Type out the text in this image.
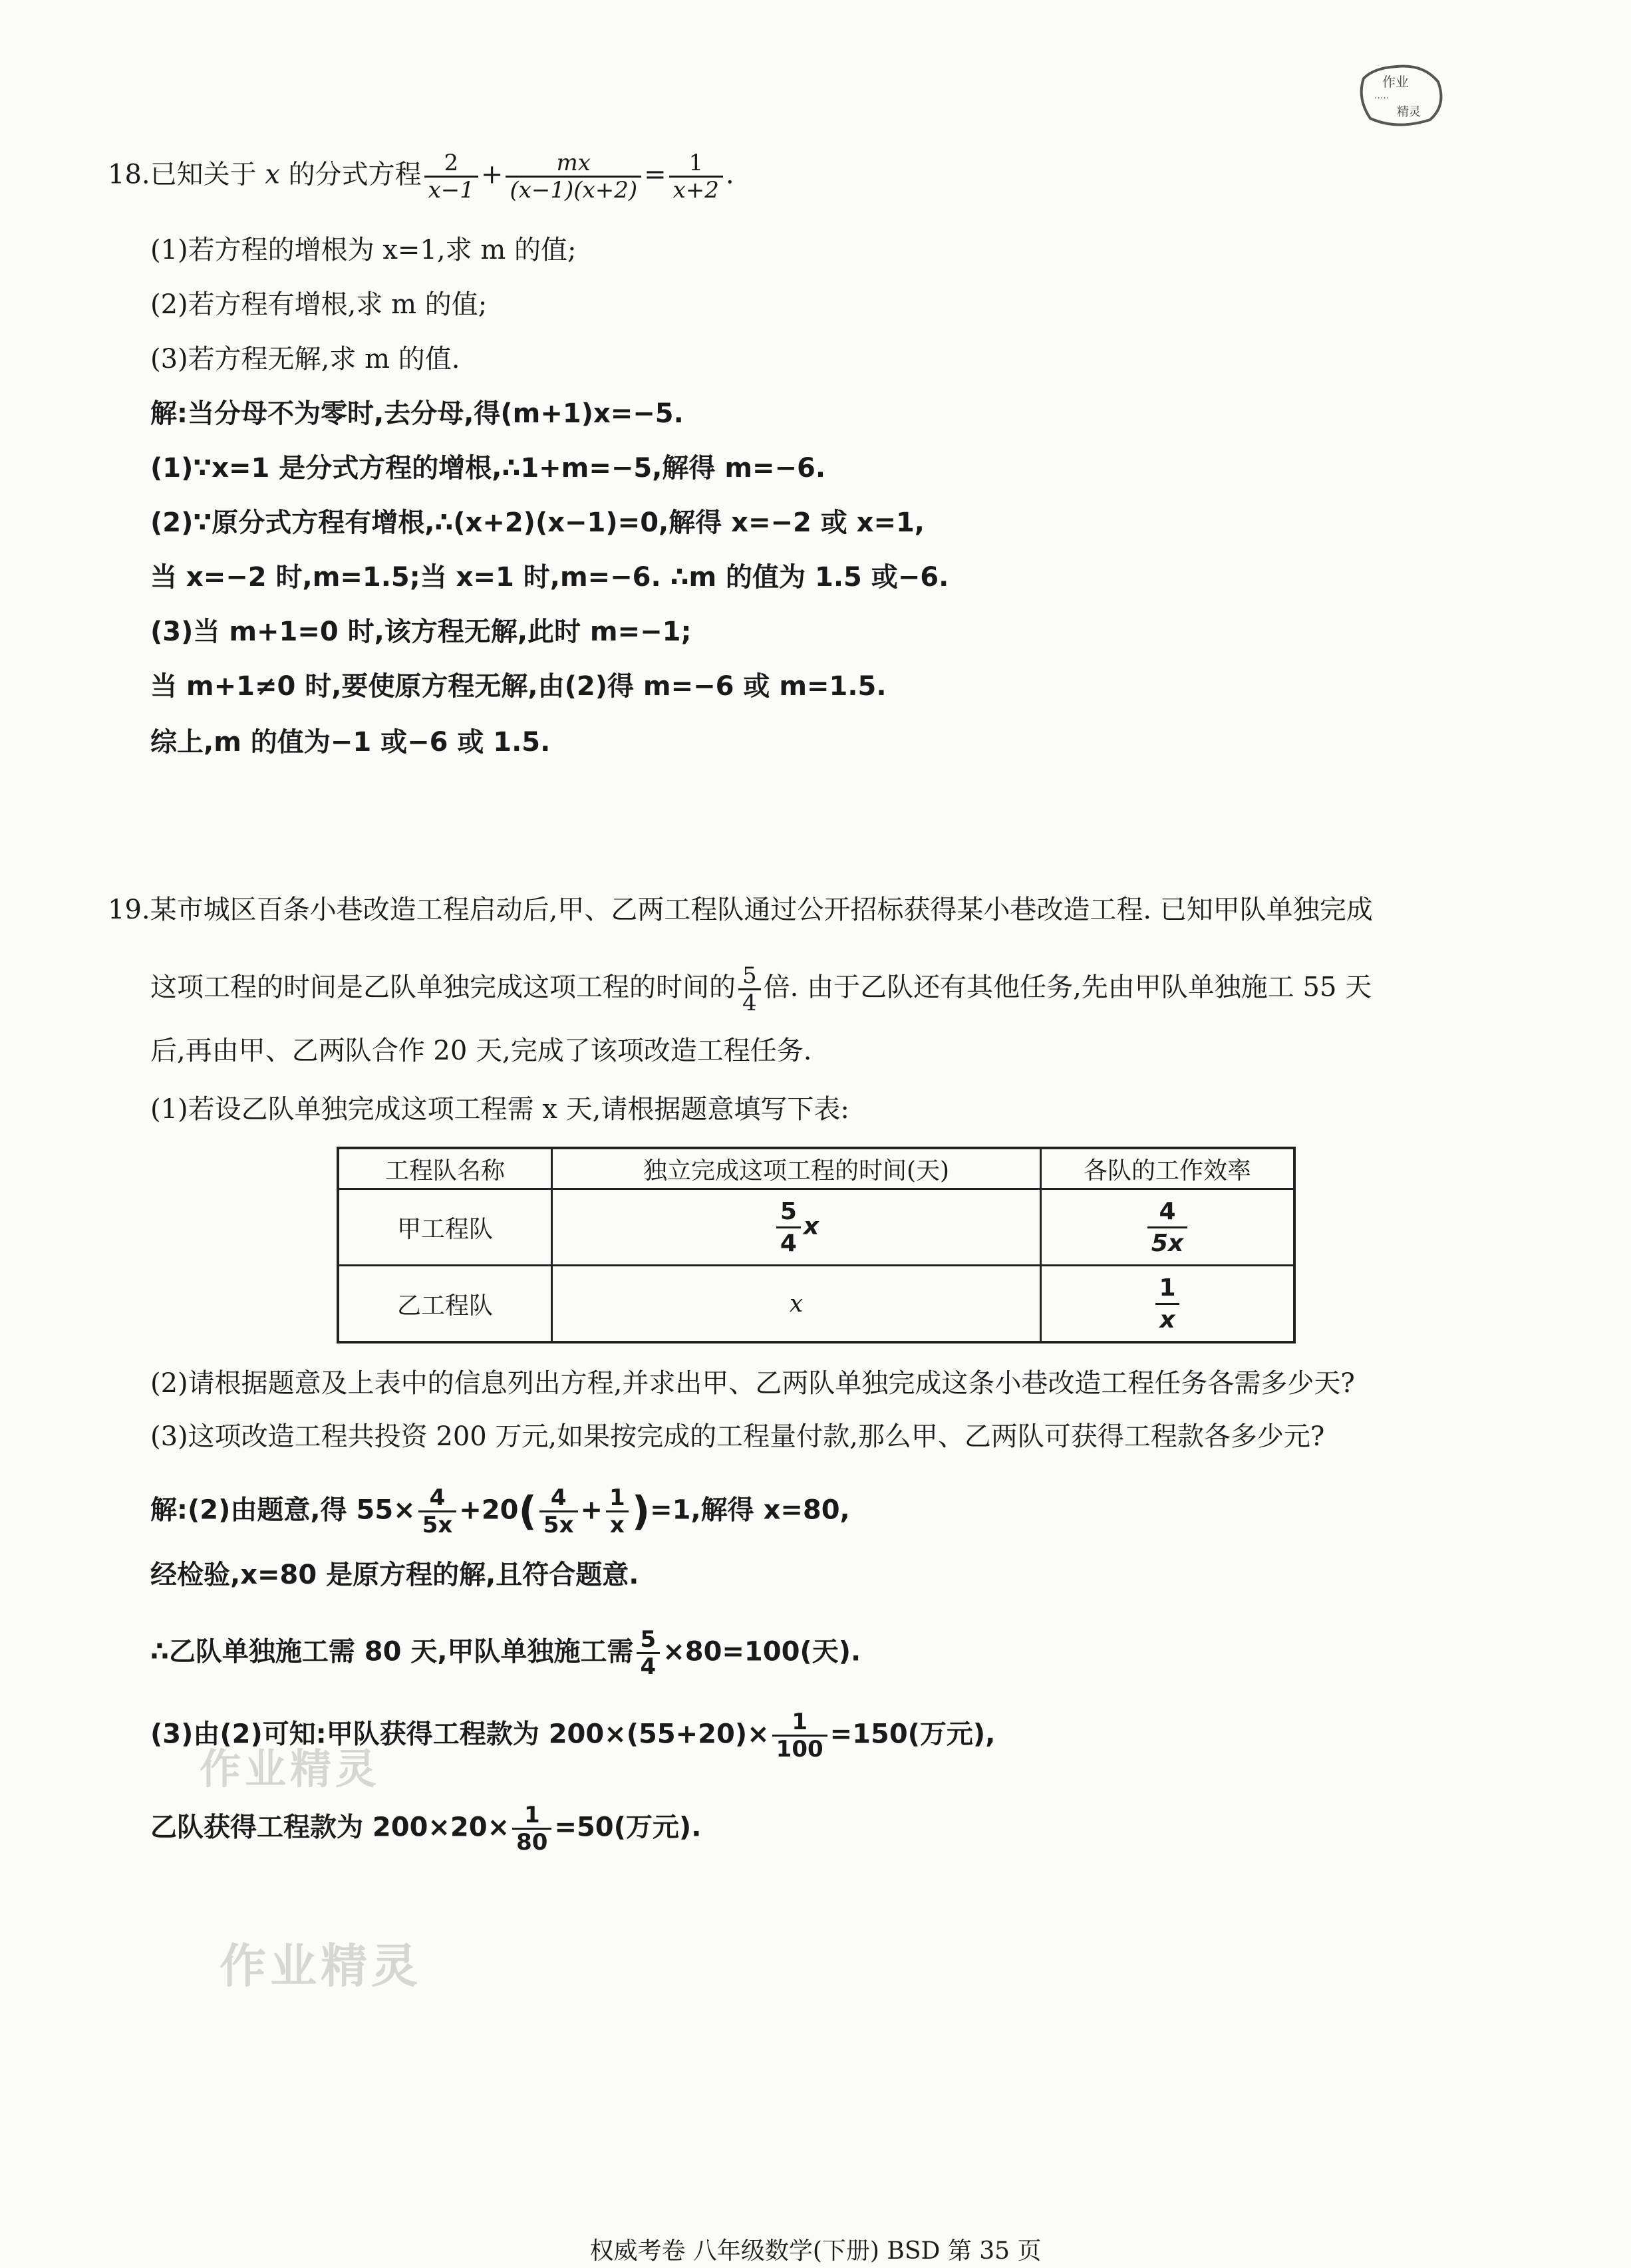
作业
·····
精灵
18.已知关于 x 的分式方程 $\frac{2}{x-1} + \frac{mx}{(x-1)(x+2)} = \frac{1}{x+2}$ .
(1)若方程的增根为 x=1,求 m 的值;
(2)若方程有增根,求 m 的值;
(3)若方程无解,求 m 的值.
解:当分母不为零时,去分母,得(m+1)x=−5.
(1)∵x=1 是分式方程的增根,∴1+m=−5,解得 m=−6.
(2)∵原分式方程有增根,∴(x+2)(x−1)=0,解得 x=−2 或 x=1,
当 x=−2 时,m=1.5;当 x=1 时,m=−6. ∴m 的值为 1.5 或−6.
(3)当 m+1=0 时,该方程无解,此时 m=−1;
当 m+1≠0 时,要使原方程无解,由(2)得 m=−6 或 m=1.5.
综上,m 的值为−1 或−6 或 1.5.
19.某市城区百条小巷改造工程启动后,甲、乙两工程队通过公开招标获得某小巷改造工程. 已知甲队单独完成
这项工程的时间是乙队单独完成这项工程的时间的 $\frac{5}{4}$ 倍. 由于乙队还有其他任务,先由甲队单独施工 55 天
后,再由甲、乙两队合作 20 天,完成了该项改造工程任务.
(1)若设乙队单独完成这项工程需 x 天,请根据题意填写下表:
工程队名称	独立完成这项工程的时间(天)	各队的工作效率
甲工程队	$\frac{5}{4}$ x	$\frac{4}{5x}$

乙工程队	x	$\frac{1}{x}$
(2)请根据题意及上表中的信息列出方程,并求出甲、乙两队单独完成这条小巷改造工程任务各需多少天?
(3)这项改造工程共投资 200 万元,如果按完成的工程量付款,那么甲、乙两队可获得工程款各多少元?
解:(2)由题意,得 $55\times \frac{4}{5x} +20( \frac{4}{5x} + \frac{1}{x} )=1$,解得 x=80,
经检验,x=80 是原方程的解,且符合题意.
∴乙队单独施工需 80 天,甲队单独施工需 $\frac{5}{4} \times 80=100$(天).
(3)由(2)可知:甲队获得工程款为 $200\times(55+20)\times \frac{1}{100} =150$(万元),
乙队获得工程款为 $200\times 20\times \frac{1}{80} =50$(万元).
作业精灵
作业精灵
权威考卷 八年级数学(下册) BSD 第 35 页
